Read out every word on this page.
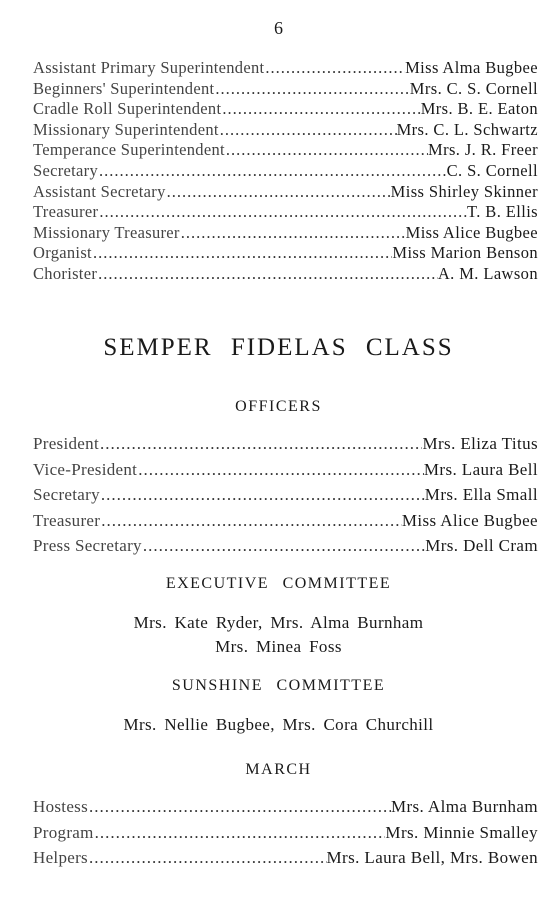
6
Assistant Primary Superintendent .....	Miss Alma Bugbee
Beginners' Superintendent .....	Mrs. C. S. Cornell
Cradle Roll Superintendent .....	Mrs. B. E. Eaton
Missionary Superintendent .....	Mrs. C. L. Schwartz
Temperance Superintendent .....	Mrs. J. R. Freer
Secretary .....	C. S. Cornell
Assistant Secretary .....	Miss Shirley Skinner
Treasurer .....	T. B. Ellis
Missionary Treasurer .....	Miss Alice Bugbee
Organist .....	Miss Marion Benson
Chorister .....	A. M. Lawson
SEMPER FIDELAS CLASS
OFFICERS
President .....	Mrs. Eliza Titus
Vice-President .....	Mrs. Laura Bell
Secretary .....	Mrs. Ella Small
Treasurer .....	Miss Alice Bugbee
Press Secretary .....	Mrs. Dell Cram
EXECUTIVE COMMITTEE
Mrs. Kate Ryder, Mrs. Alma Burnham
Mrs. Minea Foss
SUNSHINE COMMITTEE
Mrs. Nellie Bugbee, Mrs. Cora Churchill
MARCH
Hostess .....	Mrs. Alma Burnham
Program .....	Mrs. Minnie Smalley
Helpers .....	Mrs. Laura Bell, Mrs. Bowen
